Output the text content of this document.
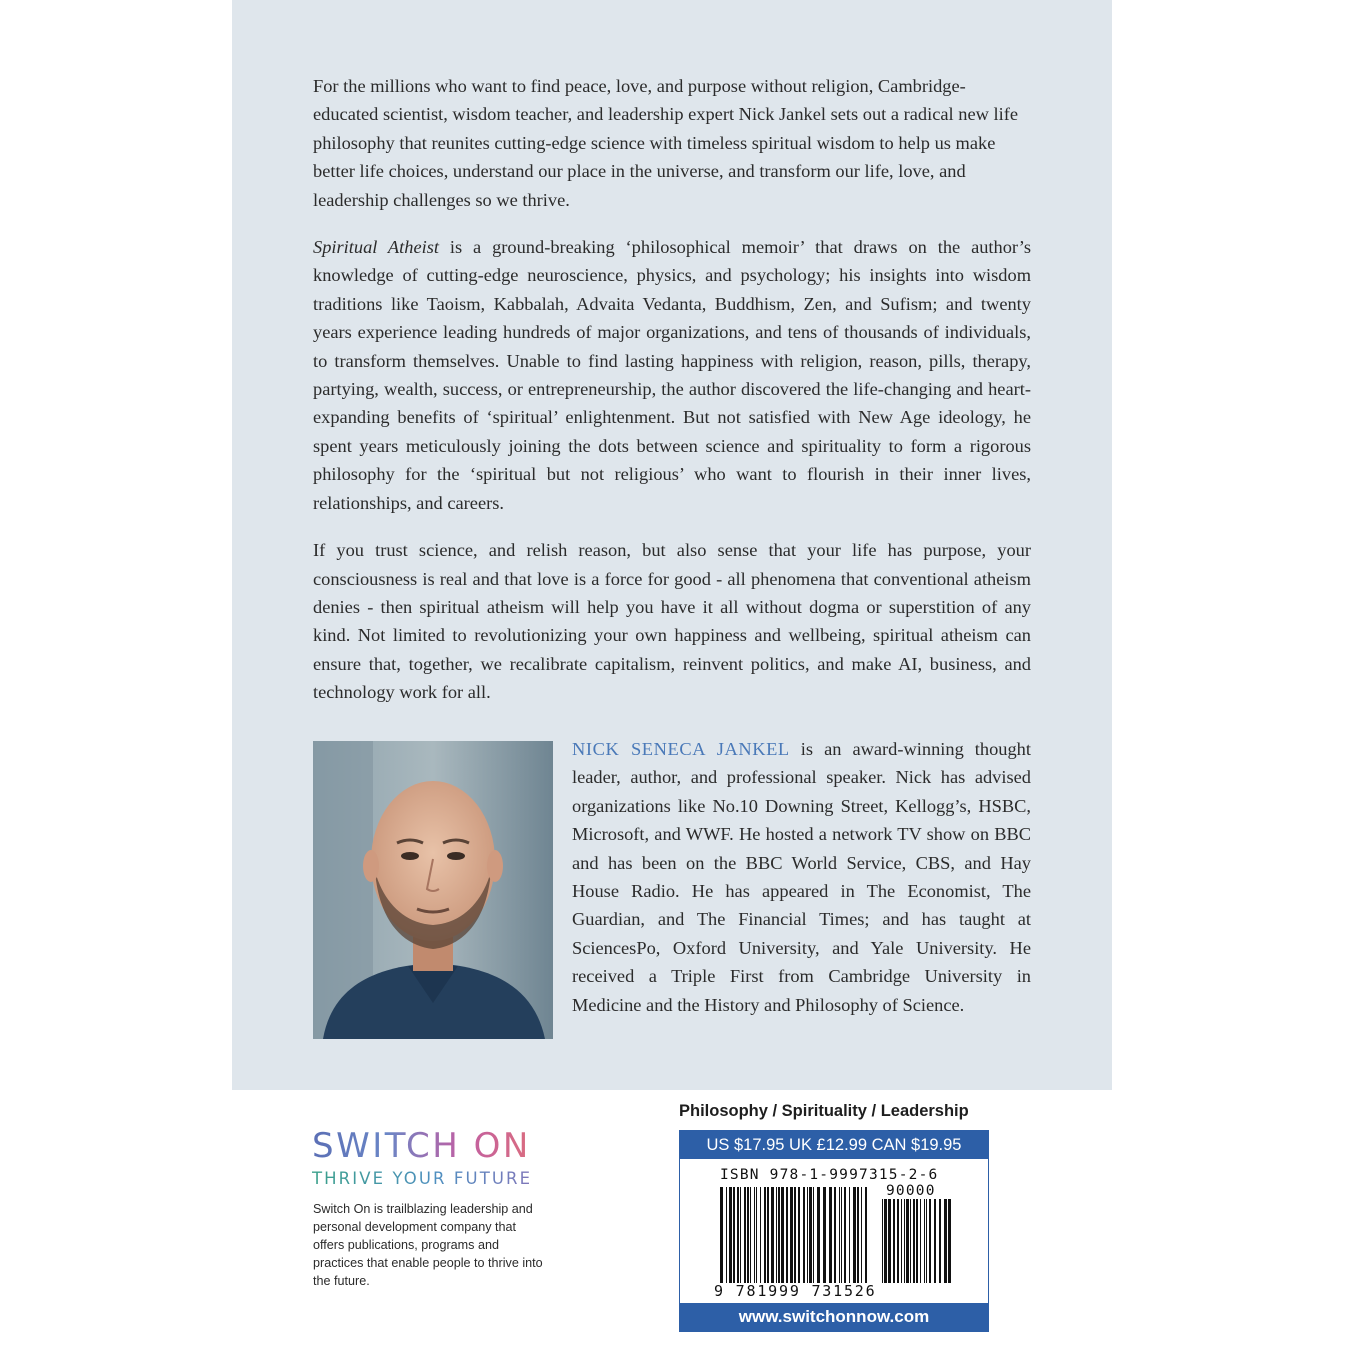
For the millions who want to find peace, love, and purpose without religion, Cambridge-educated scientist, wisdom teacher, and leadership expert Nick Jankel sets out a radical new life philosophy that reunites cutting-edge science with timeless spiritual wisdom to help us make better life choices, understand our place in the universe, and transform our life, love, and leadership challenges so we thrive.

Spiritual Atheist is a ground-breaking ‘philosophical memoir’ that draws on the author’s knowledge of cutting-edge neuroscience, physics, and psychology; his insights into wisdom traditions like Taoism, Kabbalah, Advaita Vedanta, Buddhism, Zen, and Sufism; and twenty years experience leading hundreds of major organizations, and tens of thousands of individuals, to transform themselves. Unable to find lasting happiness with religion, reason, pills, therapy, partying, wealth, success, or entrepreneurship, the author discovered the life-changing and heart-expanding benefits of ‘spiritual’ enlightenment. But not satisfied with New Age ideology, he spent years meticulously joining the dots between science and spirituality to form a rigorous philosophy for the ‘spiritual but not religious’ who want to flourish in their inner lives, relationships, and careers.

If you trust science, and relish reason, but also sense that your life has purpose, your consciousness is real and that love is a force for good - all phenomena that conventional atheism denies - then spiritual atheism will help you have it all without dogma or superstition of any kind. Not limited to revolutionizing your own happiness and wellbeing, spiritual atheism can ensure that, together, we recalibrate capitalism, reinvent politics, and make AI, business, and technology work for all.

NICK SENECA JANKEL is an award-winning thought leader, author, and professional speaker. Nick has advised organizations like No.10 Downing Street, Kellogg’s, HSBC, Microsoft, and WWF. He hosted a network TV show on BBC and has been on the BBC World Service, CBS, and Hay House Radio. He has appeared in The Economist, The Guardian, and The Financial Times; and has taught at SciencesPo, Oxford University, and Yale University. He received a Triple First from Cambridge University in Medicine and the History and Philosophy of Science.
SWITCH ON
THRIVE YOUR FUTURE
Switch On is trailblazing leadership and personal development company that offers publications, programs and practices that enable people to thrive into the future.
Philosophy / Spirituality / Leadership
US $17.95 UK £12.99 CAN $19.95
ISBN 978-1-9997315-2-6
90000
9 781999 731526
www.switchonnow.com
